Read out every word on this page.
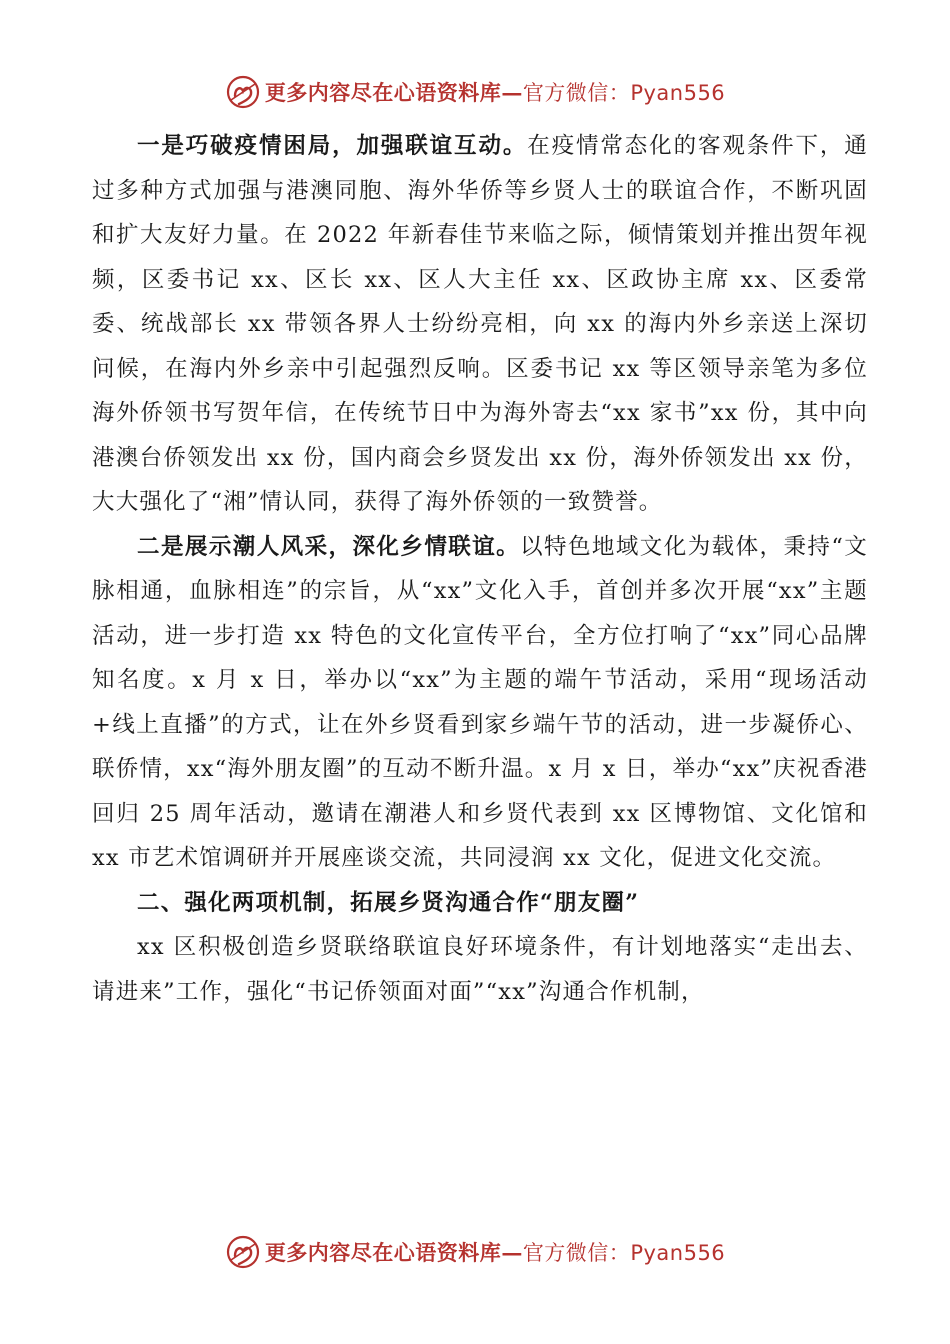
更多内容尽在心语资料库—官方微信：Pyan556

一是巧破疫情困局，加强联谊互动。在疫情常态化的客观条件下，通过多种方式加强与港澳同胞、海外华侨等乡贤人士的联谊合作，不断巩固和扩大友好力量。在 2022 年新春佳节来临之际，倾情策划并推出贺年视频，区委书记 xx、区长 xx、区人大主任 xx、区政协主席 xx、区委常委、统战部长 xx 带领各界人士纷纷亮相，向 xx 的海内外乡亲送上深切问候，在海内外乡亲中引起强烈反响。区委书记 xx 等区领导亲笔为多位海外侨领书写贺年信，在传统节日中为海外寄去“xx 家书”xx 份，其中向港澳台侨领发出 xx 份，国内商会乡贤发出 xx 份，海外侨领发出 xx 份，大大强化了“湘”情认同，获得了海外侨领的一致赞誉。

二是展示潮人风采，深化乡情联谊。以特色地域文化为载体，秉持“文脉相通，血脉相连”的宗旨，从“xx”文化入手，首创并多次开展“xx”主题活动，进一步打造 xx 特色的文化宣传平台，全方位打响了“xx”同心品牌知名度。x 月 x 日，举办以“xx”为主题的端午节活动，采用“现场活动+线上直播”的方式，让在外乡贤看到家乡端午节的活动，进一步凝侨心、联侨情，xx“海外朋友圈”的互动不断升温。x 月 x 日，举办“xx”庆祝香港回归 25 周年活动，邀请在潮港人和乡贤代表到 xx 区博物馆、文化馆和 xx 市艺术馆调研并开展座谈交流，共同浸润 xx 文化，促进文化交流。

二、强化两项机制，拓展乡贤沟通合作“朋友圈”

xx 区积极创造乡贤联络联谊良好环境条件，有计划地落实“走出去、请进来”工作，强化“书记侨领面对面”“xx”沟通合作机制，

更多内容尽在心语资料库—官方微信：Pyan556
